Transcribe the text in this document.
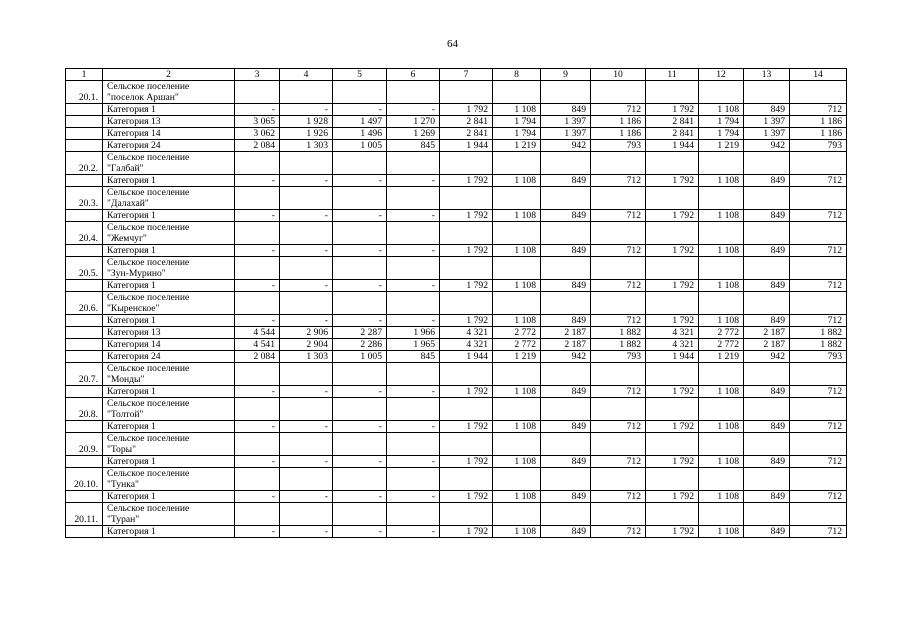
64
1	2	3	4	5	6	7	8	9	10	11	12	13	14
20.1.	Сельское поселение
"поселок Аршан"												

	Категория 1	-	-	-	-	1 792	1 108	849	712	1 792	1 108	849	712
	Категория 13	3 065	1 928	1 497	1 270	2 841	1 794	1 397	1 186	2 841	1 794	1 397	1 186
	Категория 14	3 062	1 926	1 496	1 269	2 841	1 794	1 397	1 186	2 841	1 794	1 397	1 186
	Категория 24	2 084	1 303	1 005	845	1 944	1 219	942	793	1 944	1 219	942	793
20.2.	Сельское поселение
"Галбай"												

	Категория 1	-	-	-	-	1 792	1 108	849	712	1 792	1 108	849	712
20.3.	Сельское поселение
"Далахай"												

	Категория 1	-	-	-	-	1 792	1 108	849	712	1 792	1 108	849	712
20.4.	Сельское поселение
"Жемчуг"												

	Категория 1	-	-	-	-	1 792	1 108	849	712	1 792	1 108	849	712
20.5.	Сельское поселение
"Зун-Мурино"												

	Категория 1	-	-	-	-	1 792	1 108	849	712	1 792	1 108	849	712
20.6.	Сельское поселение
"Кыренское"												

	Категория 1	-	-	-	-	1 792	1 108	849	712	1 792	1 108	849	712
	Категория 13	4 544	2 906	2 287	1 966	4 321	2 772	2 187	1 882	4 321	2 772	2 187	1 882
	Категория 14	4 541	2 904	2 286	1 965	4 321	2 772	2 187	1 882	4 321	2 772	2 187	1 882
	Категория 24	2 084	1 303	1 005	845	1 944	1 219	942	793	1 944	1 219	942	793
20.7.	Сельское поселение
"Монды"												

	Категория 1	-	-	-	-	1 792	1 108	849	712	1 792	1 108	849	712
20.8.	Сельское поселение
"Толтой"												

	Категория 1	-	-	-	-	1 792	1 108	849	712	1 792	1 108	849	712
20.9.	Сельское поселение
"Торы"												

	Категория 1	-	-	-	-	1 792	1 108	849	712	1 792	1 108	849	712
20.10.	Сельское поселение
"Тунка"												

	Категория 1	-	-	-	-	1 792	1 108	849	712	1 792	1 108	849	712
20.11.	Сельское поселение
"Туран"												

	Категория 1	-	-	-	-	1 792	1 108	849	712	1 792	1 108	849	712
